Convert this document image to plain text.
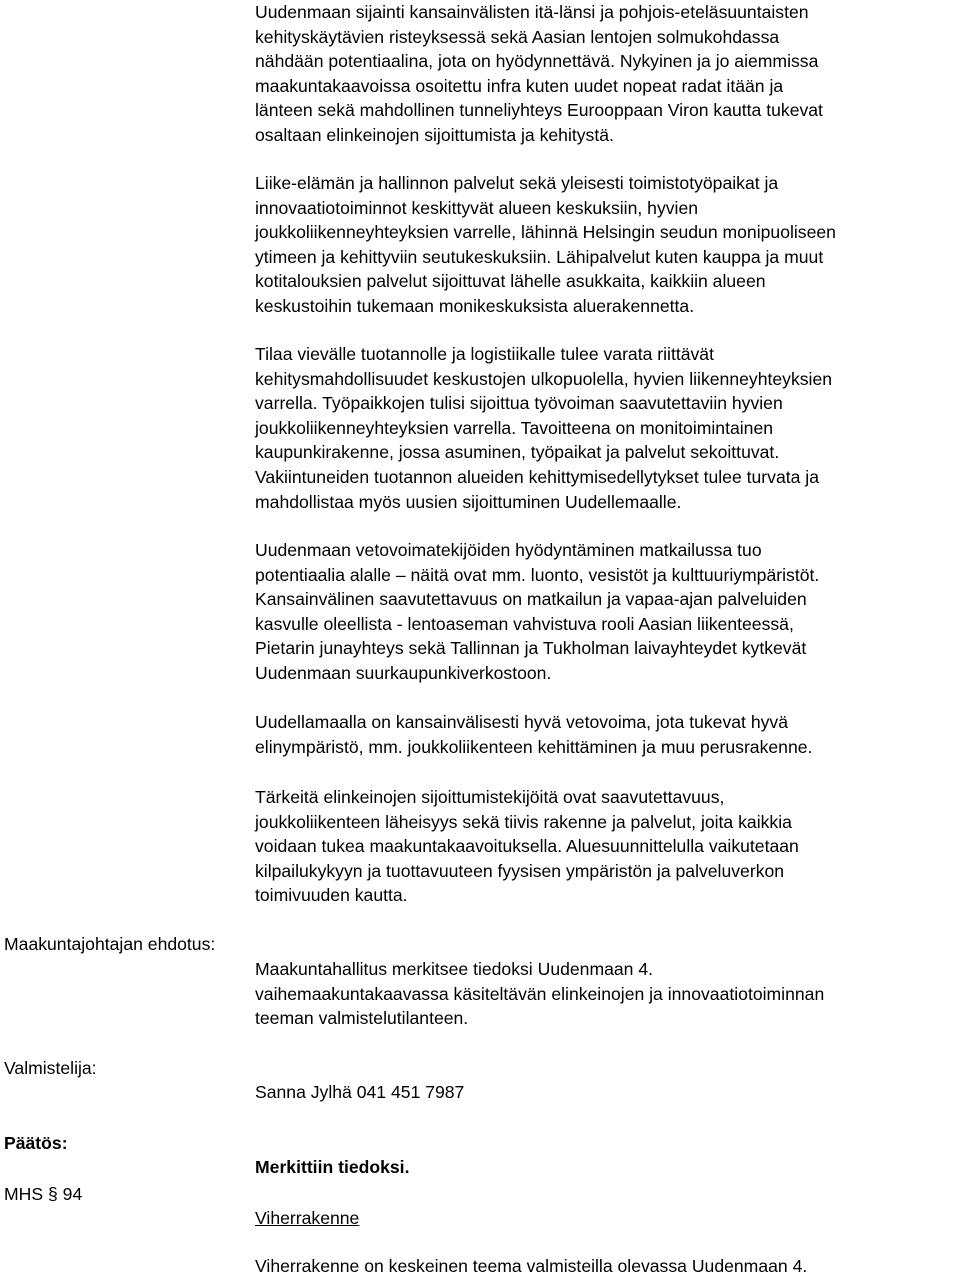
Uudenmaan sijainti kansainvälisten itä-länsi ja pohjois-eteläsuuntaisten

kehityskäytävien risteyksessä sekä Aasian lentojen solmukohdassa

nähdään potentiaalina, jota on hyödynnettävä. Nykyinen ja jo aiemmissa

maakuntakaavoissa osoitettu infra kuten uudet nopeat radat itään ja

länteen sekä mahdollinen tunneliyhteys Eurooppaan Viron kautta tukevat

osaltaan elinkeinojen sijoittumista ja kehitystä.

Liike-elämän ja hallinnon palvelut sekä yleisesti toimistotyöpaikat ja

innovaatiotoiminnot keskittyvät alueen keskuksiin, hyvien

joukkoliikenneyhteyksien varrelle, lähinnä Helsingin seudun monipuoliseen

ytimeen ja kehittyviin seutukeskuksiin. Lähipalvelut kuten kauppa ja muut

kotitalouksien palvelut sijoittuvat lähelle asukkaita, kaikkiin alueen

keskustoihin tukemaan monikeskuksista aluerakennetta.

Tilaa vievälle tuotannolle ja logistiikalle tulee varata riittävät

kehitysmahdollisuudet keskustojen ulkopuolella, hyvien liikenneyhteyksien

varrella. Työpaikkojen tulisi sijoittua työvoiman saavutettaviin hyvien

joukkoliikenneyhteyksien varrella. Tavoitteena on monitoimintainen

kaupunkirakenne, jossa asuminen, työpaikat ja palvelut sekoittuvat.

Vakiintuneiden tuotannon alueiden kehittymisedellytykset tulee turvata ja

mahdollistaa myös uusien sijoittuminen Uudellemaalle.

Uudenmaan vetovoimatekijöiden hyödyntäminen matkailussa tuo

potentiaalia alalle – näitä ovat mm. luonto, vesistöt ja kulttuuriympäristöt.

Kansainvälinen saavutettavuus on matkailun ja vapaa-ajan palveluiden

kasvulle oleellista - lentoaseman vahvistuva rooli Aasian liikenteessä,

Pietarin junayhteys sekä Tallinnan ja Tukholman laivayhteydet kytkevät

Uudenmaan suurkaupunkiverkostoon.

Uudellamaalla on kansainvälisesti hyvä vetovoima, jota tukevat hyvä

elinympäristö, mm. joukkoliikenteen kehittäminen ja muu perusrakenne.

Tärkeitä elinkeinojen sijoittumistekijöitä ovat saavutettavuus,

joukkoliikenteen läheisyys sekä tiivis rakenne ja palvelut, joita kaikkia

voidaan tukea maakuntakaavoituksella. Aluesuunnittelulla vaikutetaan

kilpailukykyyn ja tuottavuuteen fyysisen ympäristön ja palveluverkon

toimivuuden kautta.

Maakuntajohtajan ehdotus:

Maakuntahallitus merkitsee tiedoksi Uudenmaan 4.

vaihemaakuntakaavassa käsiteltävän elinkeinojen ja innovaatiotoiminnan

teeman valmistelutilanteen.

Valmistelija:

Sanna Jylhä 041 451 7987

Päätös:

Merkittiin tiedoksi.

MHS § 94

Viherrakenne

Viherrakenne on keskeinen teema valmisteilla olevassa Uudenmaan 4.
